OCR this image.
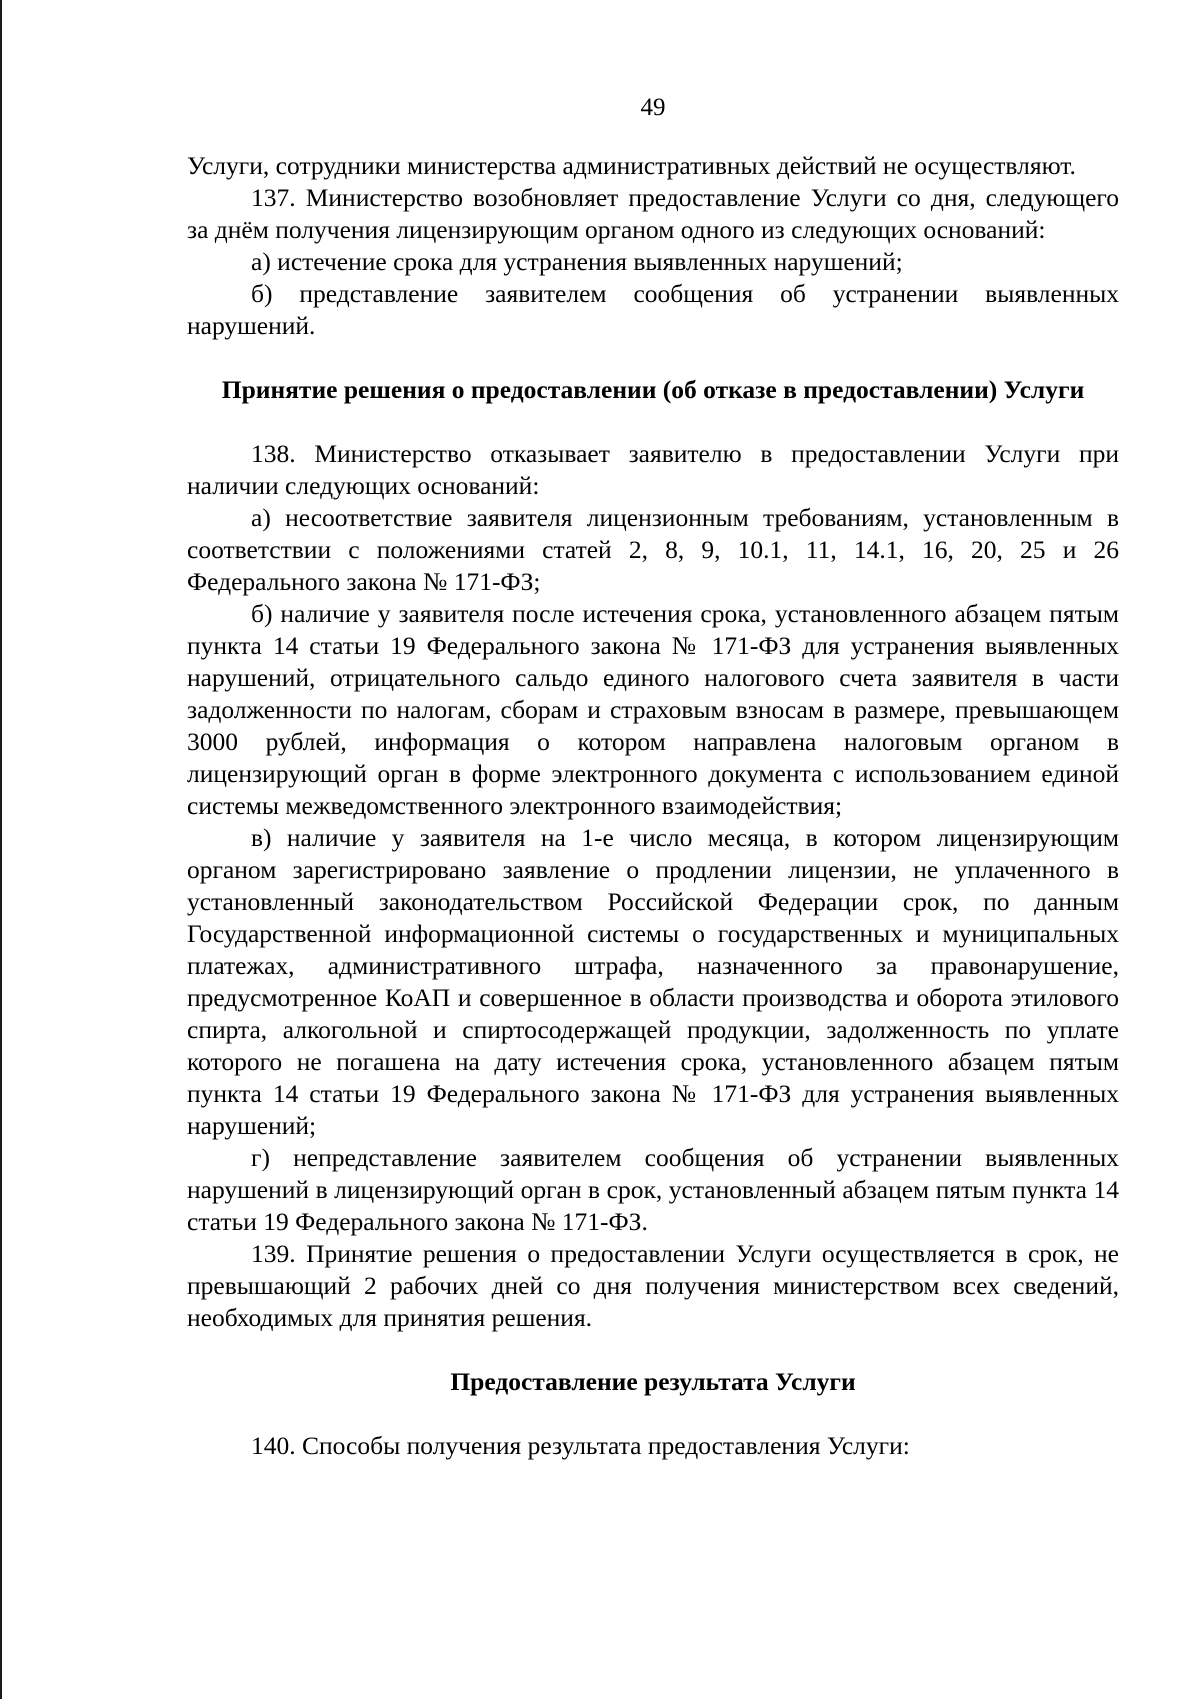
49

Услуги, сотрудники министерства административных действий не осуществляют.

137. Министерство возобновляет предоставление Услуги со дня, следующего за днём получения лицензирующим органом одного из следующих оснований:

а) истечение срока для устранения выявленных нарушений;

б) представление заявителем сообщения об устранении выявленных нарушений.

Принятие решения о предоставлении (об отказе в предоставлении) Услуги

138. Министерство отказывает заявителю в предоставлении Услуги при наличии следующих оснований:

а) несоответствие заявителя лицензионным требованиям, установленным в соответствии с положениями статей 2, 8, 9, 10.1, 11, 14.1, 16, 20, 25 и 26 Федерального закона № 171-ФЗ;

б) наличие у заявителя после истечения срока, установленного абзацем пятым пункта 14 статьи 19 Федерального закона № 171-ФЗ для устранения выявленных нарушений, отрицательного сальдо единого налогового счета заявителя в части задолженности по налогам, сборам и страховым взносам в размере, превышающем 3000 рублей, информация о котором направлена налоговым органом в лицензирующий орган в форме электронного документа с использованием единой системы межведомственного электронного взаимодействия;

в) наличие у заявителя на 1-е число месяца, в котором лицензирующим органом зарегистрировано заявление о продлении лицензии, не уплаченного в установленный законодательством Российской Федерации срок, по данным Государственной информационной системы о государственных и муниципальных платежах, административного штрафа, назначенного за правонарушение, предусмотренное КоАП и совершенное в области производства и оборота этилового спирта, алкогольной и спиртосодержащей продукции, задолженность по уплате которого не погашена на дату истечения срока, установленного абзацем пятым пункта 14 статьи 19 Федерального закона № 171-ФЗ для устранения выявленных нарушений;

г) непредставление заявителем сообщения об устранении выявленных нарушений в лицензирующий орган в срок, установленный абзацем пятым пункта 14 статьи 19 Федерального закона № 171-ФЗ.

139. Принятие решения о предоставлении Услуги осуществляется в срок, не превышающий 2 рабочих дней со дня получения министерством всех сведений, необходимых для принятия решения.

Предоставление результата Услуги

140. Способы получения результата предоставления Услуги:
